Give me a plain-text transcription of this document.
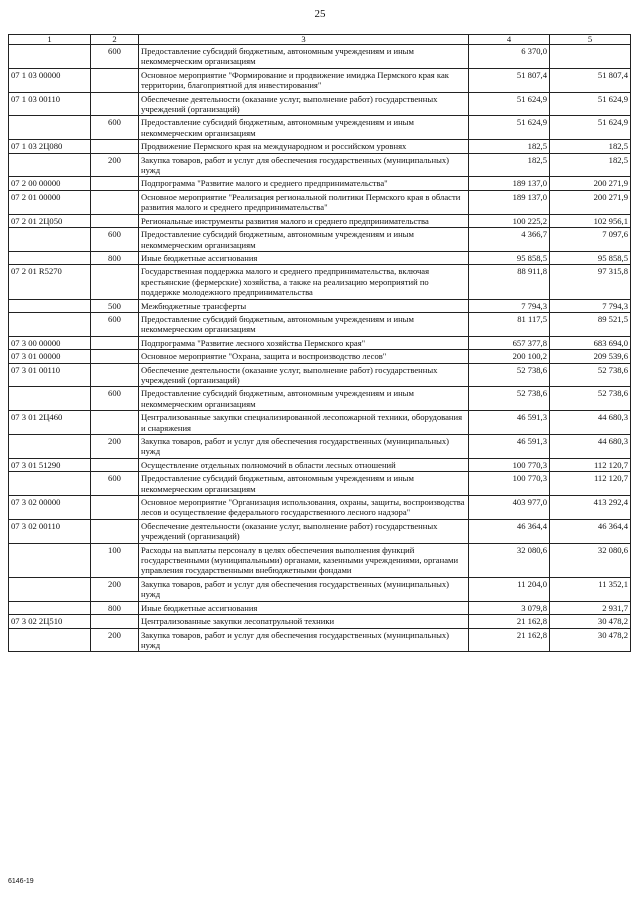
25
1	2	3	4	5
	600	Предоставление субсидий бюджетным, автономным учреждениям и иным некоммерческим организациям	6 370,0	
07 1 03 00000		Основное мероприятие "Формирование и продвижение имиджа Пермского края как территории, благоприятной для инвестирования"	51 807,4	51 807,4
07 1 03 00110		Обеспечение деятельности (оказание услуг, выполнение работ) государственных учреждений (организаций)	51 624,9	51 624,9
	600	Предоставление субсидий бюджетным, автономным учреждениям и иным некоммерческим организациям	51 624,9	51 624,9
07 1 03 2Ц080		Продвижение Пермского края на международном и российском уровнях	182,5	182,5
	200	Закупка товаров, работ и услуг для обеспечения государственных (муниципальных) нужд	182,5	182,5
07 2 00 00000		Подпрограмма "Развитие малого и среднего предпринимательства"	189 137,0	200 271,9
07 2 01 00000		Основное мероприятие "Реализация региональной политики Пермского края в области развития малого и среднего предпринимательства"	189 137,0	200 271,9
07 2 01 2Ц050		Региональные инструменты развития малого и среднего предпринимательства	100 225,2	102 956,1
	600	Предоставление субсидий бюджетным, автономным учреждениям и иным некоммерческим организациям	4 366,7	7 097,6
	800	Иные бюджетные ассигнования	95 858,5	95 858,5
07 2 01 R5270		Государственная поддержка малого и среднего предпринимательства, включая крестьянские (фермерские) хозяйства, а также на реализацию мероприятий по поддержке молодежного предпринимательства	88 911,8	97 315,8
	500	Межбюджетные трансферты	7 794,3	7 794,3
	600	Предоставление субсидий бюджетным, автономным учреждениям и иным некоммерческим организациям	81 117,5	89 521,5
07 3 00 00000		Подпрограмма "Развитие лесного хозяйства Пермского края"	657 377,8	683 694,0
07 3 01 00000		Основное мероприятие "Охрана, защита и воспроизводство лесов"	200 100,2	209 539,6
07 3 01 00110		Обеспечение деятельности (оказание услуг, выполнение работ) государственных учреждений (организаций)	52 738,6	52 738,6
	600	Предоставление субсидий бюджетным, автономным учреждениям и иным некоммерческим организациям	52 738,6	52 738,6
07 3 01 2Ц460		Централизованные закупки специализированной лесопожарной техники, оборудования и снаряжения	46 591,3	44 680,3
	200	Закупка товаров, работ и услуг для обеспечения государственных (муниципальных) нужд	46 591,3	44 680,3
07 3 01 51290		Осуществление отдельных полномочий в области лесных отношений	100 770,3	112 120,7
	600	Предоставление субсидий бюджетным, автономным учреждениям и иным некоммерческим организациям	100 770,3	112 120,7
07 3 02 00000		Основное мероприятие "Организация использования, охраны, защиты, воспроизводства лесов и осуществление федерального государственного лесного надзора"	403 977,0	413 292,4
07 3 02 00110		Обеспечение деятельности (оказание услуг, выполнение работ) государственных учреждений (организаций)	46 364,4	46 364,4
	100	Расходы на выплаты персоналу в целях обеспечения выполнения функций государственными (муниципальными) органами, казенными учреждениями, органами управления государственными внебюджетными фондами	32 080,6	32 080,6
	200	Закупка товаров, работ и услуг для обеспечения государственных (муниципальных) нужд	11 204,0	11 352,1
	800	Иные бюджетные ассигнования	3 079,8	2 931,7
07 3 02 2Ц510		Централизованные закупки лесопатрульной техники	21 162,8	30 478,2
	200	Закупка товаров, работ и услуг для обеспечения государственных (муниципальных) нужд	21 162,8	30 478,2
6146-19
